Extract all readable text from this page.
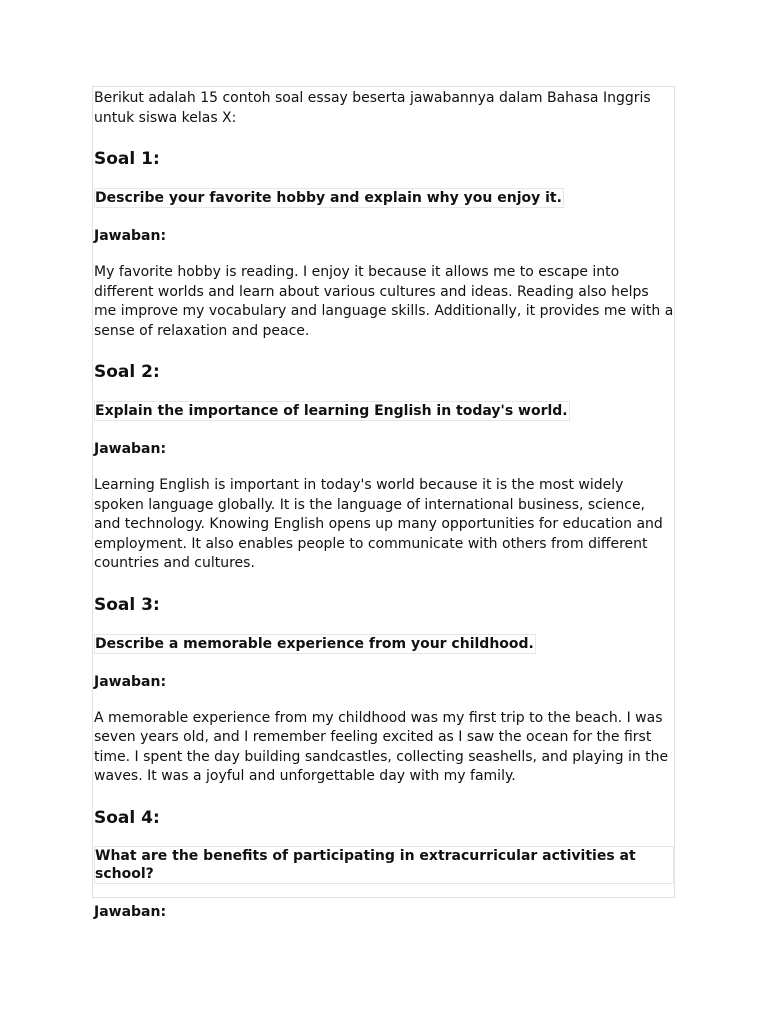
Berikut adalah 15 contoh soal essay beserta jawabannya dalam Bahasa Inggris untuk siswa kelas X:

Soal 1:

Describe your favorite hobby and explain why you enjoy it.

Jawaban:

My favorite hobby is reading. I enjoy it because it allows me to escape into different worlds and learn about various cultures and ideas. Reading also helps me improve my vocabulary and language skills. Additionally, it provides me with a sense of relaxation and peace.

Soal 2:

Explain the importance of learning English in today's world.

Jawaban:

Learning English is important in today's world because it is the most widely spoken language globally. It is the language of international business, science, and technology. Knowing English opens up many opportunities for education and employment. It also enables people to communicate with others from different countries and cultures.

Soal 3:

Describe a memorable experience from your childhood.

Jawaban:

A memorable experience from my childhood was my first trip to the beach. I was seven years old, and I remember feeling excited as I saw the ocean for the first time. I spent the day building sandcastles, collecting seashells, and playing in the waves. It was a joyful and unforgettable day with my family.

Soal 4:

What are the benefits of participating in extracurricular activities at school?

Jawaban:
